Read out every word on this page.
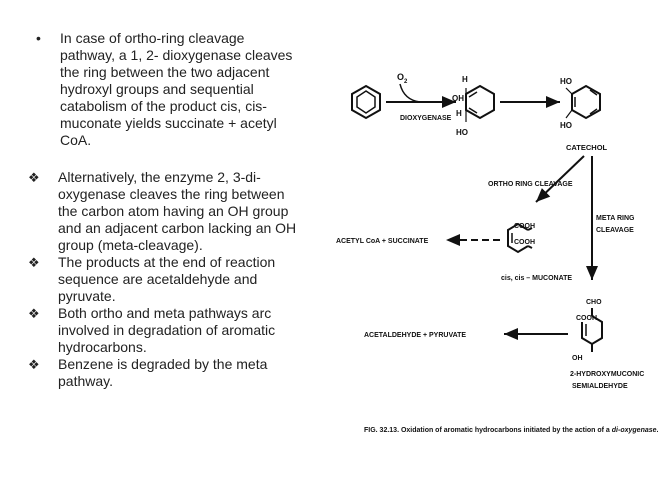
•	In case of ortho-ring cleavage
pathway, a 1, 2- dioxygenase cleaves
the ring between the two adjacent
hydroxyl groups and sequential
catabolism of the product cis, cis-
muconate yields succinate + acetyl
CoA.
❖	Alternatively, the enzyme 2, 3-di-
oxygenase cleaves the ring between
the carbon atom having an OH group
and an adjacent carbon lacking an OH
group (meta-cleavage).
❖	The products at the end of reaction
sequence are acetaldehyde and
pyruvate.
❖	Both ortho and meta pathways arc
involved in degradation of aromatic
hydrocarbons.
❖	Benzene is degraded by the meta
pathway.
$O_2$
DIOXYGENASE
H
OH
H
HO
HO
HO
CATECHOL
ORTHO RING CLEAVAGE
META RING
CLEAVAGE
COOH
COOH
cis, cis – MUCONATE
ACETYL CoA + SUCCINATE
CHO
COOH
OH
2-HYDROXYMUCONIC
SEMIALDEHYDE
ACETALDEHYDE + PYRUVATE
FIG. 32.13. Oxidation of aromatic hydrocarbons initiated by the action of a di-oxygenase
